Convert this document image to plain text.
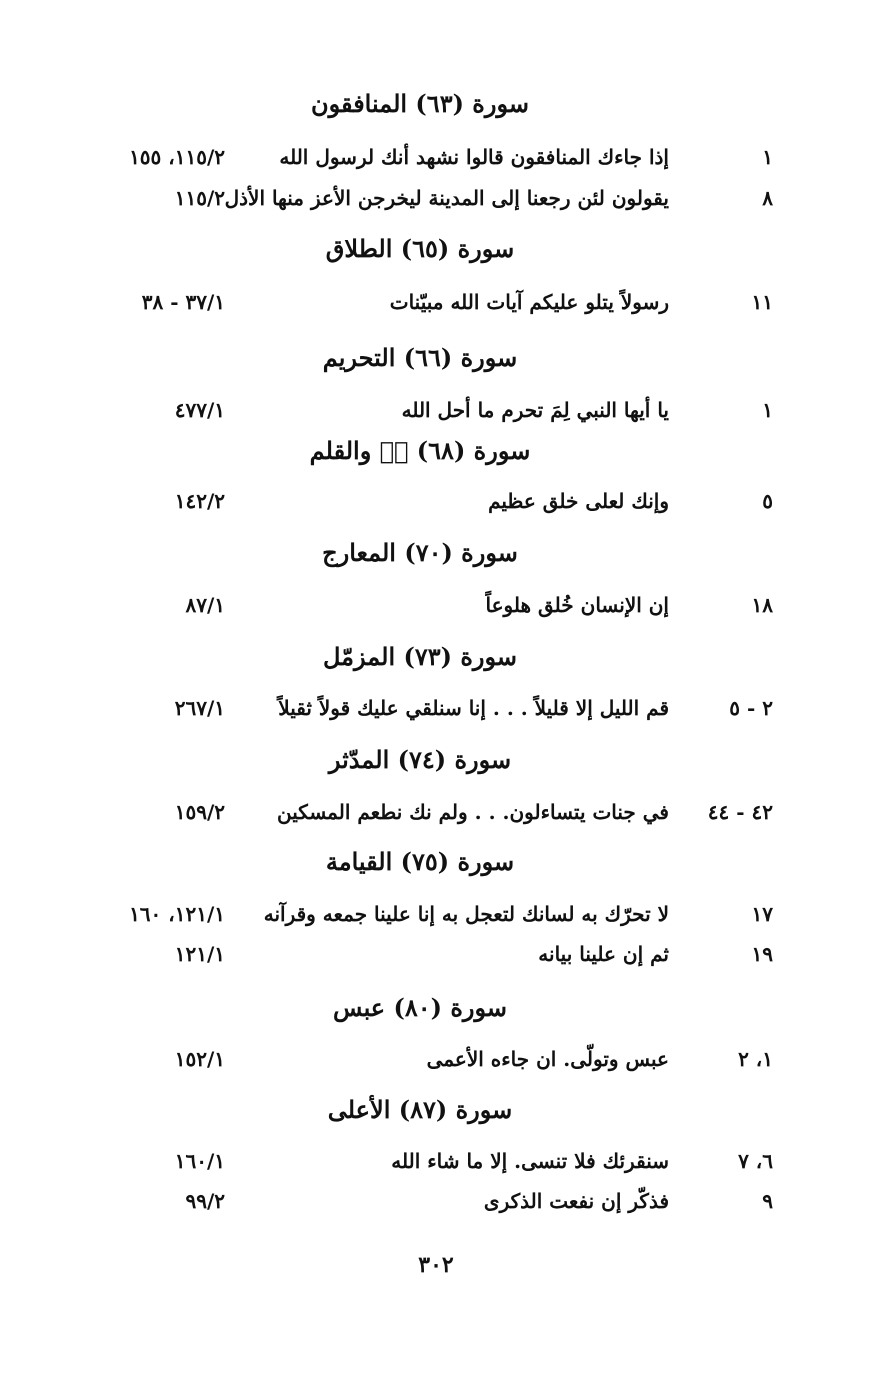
سورة (٦٣) المنافقون
١
إذا جاءك المنافقون قالوا نشهد أنك لرسول الله
١١٥/٢، ١٥٥
٨
يقولون لئن رجعنا إلى المدينة ليخرجن الأعز منها الأذل
١١٥/٢
سورة (٦٥) الطلاق
١١
رسولاً يتلو عليكم آيات الله مبيّنات
٣٧/١ - ٣٨
سورة (٦٦) التحريم
١
يا أيها النبي لِمَ تحرم ما أحل الله
٤٧٧/١
سورة (٦٨) نۤ والقلم
٥
وإنك لعلى خلق عظيم
١٤٢/٢
سورة (٧٠) المعارج
١٨
إن الإنسان خُلق هلوعاً
٨٧/١
سورة (٧٣) المزمّل
٢ - ٥
قم الليل إلا قليلاً . . . إنا سنلقي عليك قولاً ثقيلاً
٢٦٧/١
سورة (٧٤) المدّثر
٤٢ - ٤٤
في جنات يتساءلون. . . ولم نك نطعم المسكين
١٥٩/٢
سورة (٧٥) القيامة
١٧
لا تحرّك به لسانك لتعجل به إنا علينا جمعه وقرآنه
١٢١/١، ١٦٠
١٩
ثم إن علينا بيانه
١٢١/١
سورة (٨٠) عبس
١، ٢
عبس وتولّى. ان جاءه الأعمى
١٥٢/١
سورة (٨٧) الأعلى
٦، ٧
سنقرئك فلا تنسى. إلا ما شاء الله
١٦٠/١
٩
فذكّر إن نفعت الذكرى
٩٩/٢
٣٠٢
